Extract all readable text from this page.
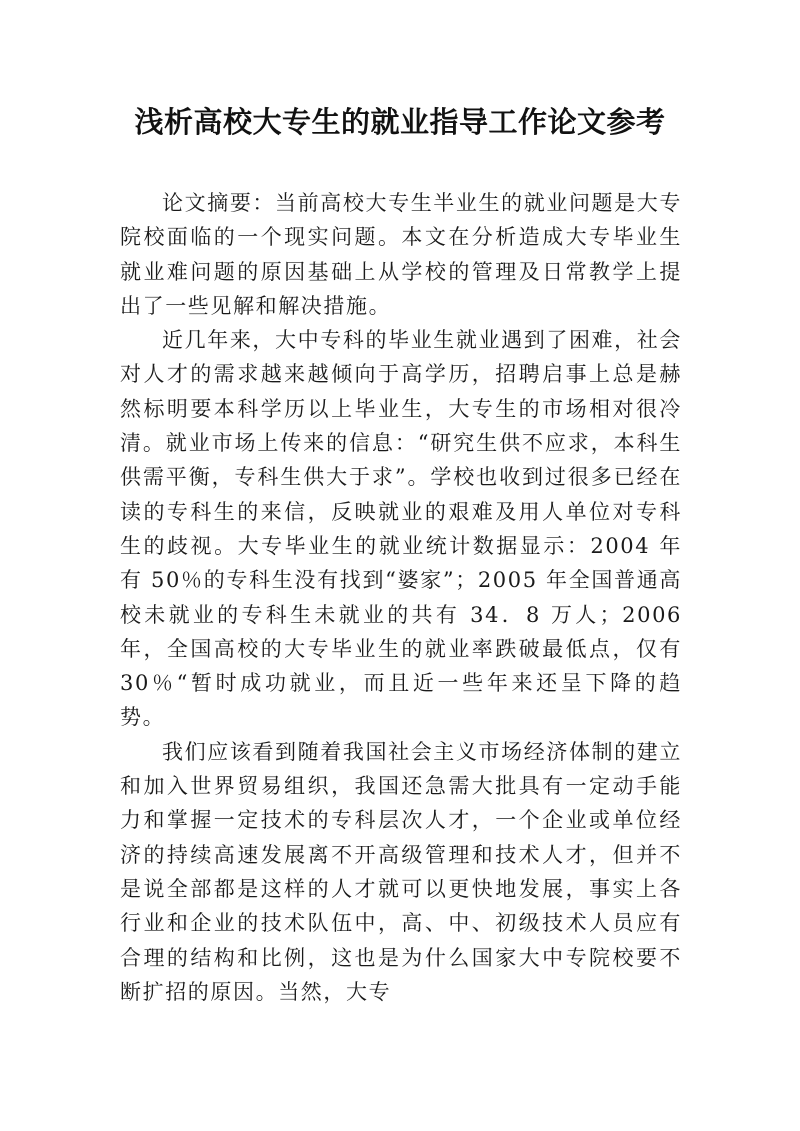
浅析高校大专生的就业指导工作论文参考

论文摘要：当前高校大专生半业生的就业问题是大专院校面临的一个现实问题。本文在分析造成大专毕业生就业难问题的原因基础上从学校的管理及日常教学上提出了一些见解和解决措施。

近几年来，大中专科的毕业生就业遇到了困难，社会对人才的需求越来越倾向于高学历，招聘启事上总是赫然标明要本科学历以上毕业生，大专生的市场相对很冷清。就业市场上传来的信息：“研究生供不应求，本科生供需平衡，专科生供大于求”。学校也收到过很多已经在读的专科生的来信，反映就业的艰难及用人单位对专科生的歧视。大专毕业生的就业统计数据显示：2004 年有 50％的专科生没有找到“婆家”；2005 年全国普通高校未就业的专科生未就业的共有 34．8 万人；2006 年，全国高校的大专毕业生的就业率跌破最低点，仅有 30％“暂时成功就业，而且近一些年来还呈下降的趋势。

我们应该看到随着我国社会主义市场经济体制的建立和加入世界贸易组织，我国还急需大批具有一定动手能力和掌握一定技术的专科层次人才，一个企业或单位经济的持续高速发展离不开高级管理和技术人才，但并不是说全部都是这样的人才就可以更快地发展，事实上各行业和企业的技术队伍中，高、中、初级技术人员应有合理的结构和比例，这也是为什么国家大中专院校要不断扩招的原因。当然，大专
